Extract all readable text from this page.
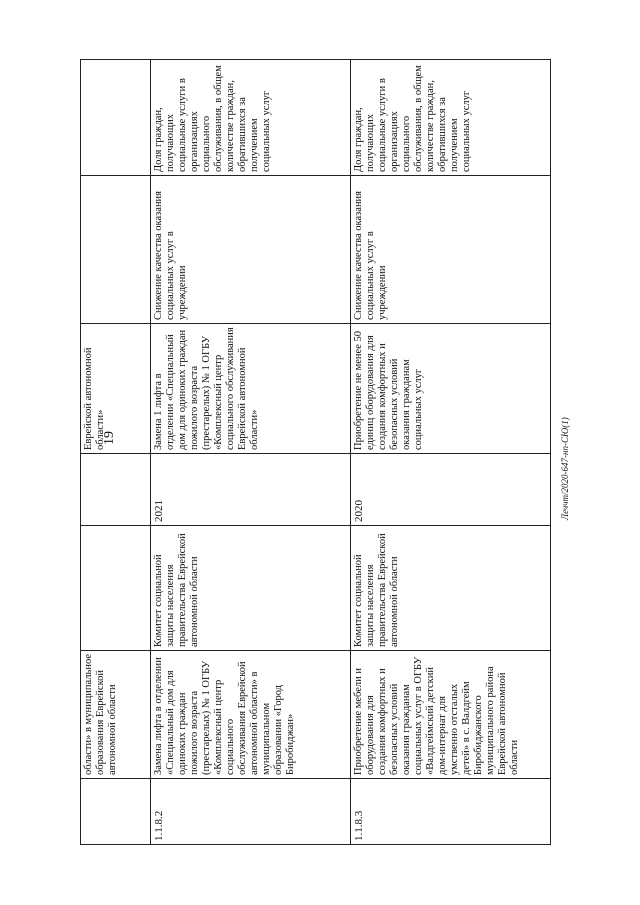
19
	области» в муниципальное образования Еврейской автономной области			Еврейской автономной области»		
1.1.8.2	Замена лифта в отделении «Специальный дом для одиноких граждан пожилого возраста (престарелых) № 1 ОГБУ «Комплексный центр социального обслуживания Еврейской автономной области» в муниципальном образовании «Город Биробиджан»	Комитет социальной защиты населения правительства Еврейской автономной области	2021	Замена 1 лифта в отделении «Специальный дом для одиноких граждан пожилого возраста (престарелых) № 1 ОГБУ «Комплексный центр социального обслуживания Еврейской автономной области»	Снижение качества оказания социальных услуг в учреждении	Доля граждан, получающих социальные услуги в организациях социального обслуживания, в общем количестве граждан, обратившихся за получением социальных услуг
1.1.8.3	Приобретение мебели и оборудования для создания комфортных и безопасных условий оказания гражданам социальных услуг в ОГБУ «Валдгеймский детский дом-интернат для умственно отсталых детей» в с. Валдгейм Биробиджанского муниципального района Еврейской автономной области	Комитет социальной защиты населения правительства Еврейской автономной области	2020	Приобретение не менее 50 единиц оборудования для создания комфортных и безопасных условий оказания гражданам социальных услуг	Снижение качества оказания социальных услуг в учреждении	Доля граждан, получающих социальные услуги в организациях социального обслуживания, в общем количестве граждан, обратившихся за получением социальных услуг
Леччт/2020-647-нп-СЮ(1)
